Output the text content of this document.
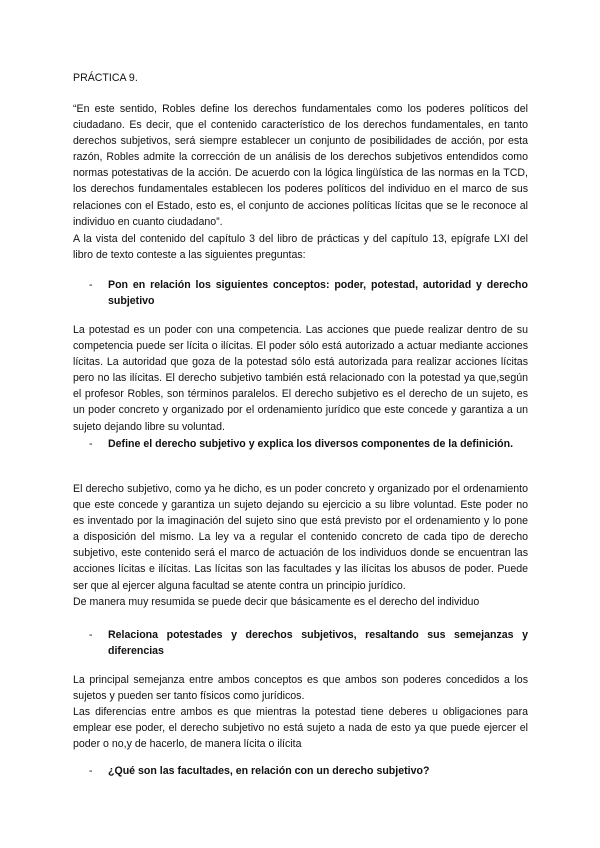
PRÁCTICA 9.

“En este sentido, Robles define los derechos fundamentales como los poderes políticos del ciudadano. Es decir, que el contenido característico de los derechos fundamentales, en tanto derechos subjetivos, será siempre establecer un conjunto de posibilidades de acción, por esta razón, Robles admite la corrección de un análisis de los derechos subjetivos entendidos como normas potestativas de la acción. De acuerdo con la lógica lingüística de las normas en la TCD, los derechos fundamentales establecen los poderes políticos del individuo en el marco de sus relaciones con el Estado, esto es, el conjunto de acciones políticas lícitas que se le reconoce al individuo en cuanto ciudadano”.

A la vista del contenido del capítulo 3 del libro de prácticas y del capítulo 13, epígrafe LXI del libro de texto conteste a las siguientes preguntas:

- Pon en relación los siguientes conceptos: poder, potestad, autoridad y derecho subjetivo

La potestad es un poder con una competencia. Las acciones que puede realizar dentro de su competencia puede ser lícita o ilícitas. El poder sólo está autorizado a actuar mediante acciones lícitas. La autoridad que goza de la potestad sólo está autorizada para realizar acciones lícitas pero no las ilícitas. El derecho subjetivo también está relacionado con la potestad ya que,según el profesor Robles, son términos paralelos. El derecho subjetivo es el derecho de un sujeto, es un poder concreto y organizado por el ordenamiento jurídico que este concede y garantiza a un sujeto dejando libre su voluntad.

- Define el derecho subjetivo y explica los diversos componentes de la definición.

El derecho subjetivo, como ya he dicho, es un poder concreto y organizado por el ordenamiento que este concede y garantiza un sujeto dejando su ejercicio a su libre voluntad. Este poder no es inventado por la imaginación del sujeto sino que está previsto por el ordenamiento y lo pone a disposición del mismo. La ley va a regular el contenido concreto de cada tipo de derecho subjetivo, este contenido será el marco de actuación de los individuos donde se encuentran las acciones lícitas e ilícitas. Las lícitas son las facultades y las ilícitas los abusos de poder. Puede ser que al ejercer alguna facultad se atente contra un principio jurídico.

De manera muy resumida se puede decir que básicamente es el derecho del individuo

- Relaciona potestades y derechos subjetivos, resaltando sus semejanzas y diferencias

La principal semejanza entre ambos conceptos es que ambos son poderes concedidos a los sujetos y pueden ser tanto físicos como jurídicos.

Las diferencias entre ambos es que mientras la potestad tiene deberes u obligaciones para emplear ese poder, el derecho subjetivo no está sujeto a nada de esto ya que puede ejercer el poder o no,y de hacerlo, de manera lícita o ilícita

- ¿Qué son las facultades, en relación con un derecho subjetivo?
